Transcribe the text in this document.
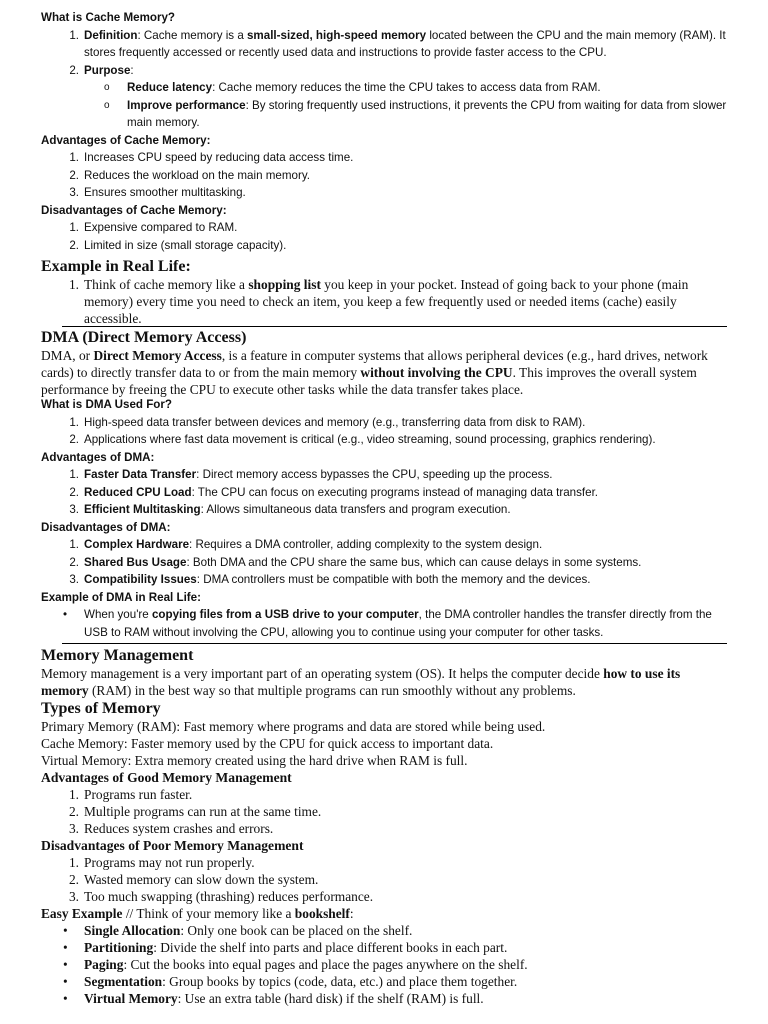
What is Cache Memory?
1. Definition: Cache memory is a small-sized, high-speed memory located between the CPU and the main memory (RAM). It stores frequently accessed or recently used data and instructions to provide faster access to the CPU.
2. Purpose:
o Reduce latency: Cache memory reduces the time the CPU takes to access data from RAM.
o Improve performance: By storing frequently used instructions, it prevents the CPU from waiting for data from slower main memory.
Advantages of Cache Memory:
1. Increases CPU speed by reducing data access time.
2. Reduces the workload on the main memory.
3. Ensures smoother multitasking.
Disadvantages of Cache Memory:
1. Expensive compared to RAM.
2. Limited in size (small storage capacity).
Example in Real Life:
1. Think of cache memory like a shopping list you keep in your pocket. Instead of going back to your phone (main memory) every time you need to check an item, you keep a few frequently used or needed items (cache) easily accessible.
DMA (Direct Memory Access)
DMA, or Direct Memory Access, is a feature in computer systems that allows peripheral devices (e.g., hard drives, network cards) to directly transfer data to or from the main memory without involving the CPU. This improves the overall system performance by freeing the CPU to execute other tasks while the data transfer takes place.
What is DMA Used For?
1. High-speed data transfer between devices and memory (e.g., transferring data from disk to RAM).
2. Applications where fast data movement is critical (e.g., video streaming, sound processing, graphics rendering).
Advantages of DMA:
1. Faster Data Transfer: Direct memory access bypasses the CPU, speeding up the process.
2. Reduced CPU Load: The CPU can focus on executing programs instead of managing data transfer.
3. Efficient Multitasking: Allows simultaneous data transfers and program execution.
Disadvantages of DMA:
1. Complex Hardware: Requires a DMA controller, adding complexity to the system design.
2. Shared Bus Usage: Both DMA and the CPU share the same bus, which can cause delays in some systems.
3. Compatibility Issues: DMA controllers must be compatible with both the memory and the devices.
Example of DMA in Real Life:
• When you're copying files from a USB drive to your computer, the DMA controller handles the transfer directly from the USB to RAM without involving the CPU, allowing you to continue using your computer for other tasks.
Memory Management
Memory management is a very important part of an operating system (OS). It helps the computer decide how to use its memory (RAM) in the best way so that multiple programs can run smoothly without any problems.
Types of Memory
Primary Memory (RAM): Fast memory where programs and data are stored while being used.
Cache Memory: Faster memory used by the CPU for quick access to important data.
Virtual Memory: Extra memory created using the hard drive when RAM is full.
Advantages of Good Memory Management
1. Programs run faster.
2. Multiple programs can run at the same time.
3. Reduces system crashes and errors.
Disadvantages of Poor Memory Management
1. Programs may not run properly.
2. Wasted memory can slow down the system.
3. Too much swapping (thrashing) reduces performance.
Easy Example // Think of your memory like a bookshelf:
• Single Allocation: Only one book can be placed on the shelf.
• Partitioning: Divide the shelf into parts and place different books in each part.
• Paging: Cut the books into equal pages and place the pages anywhere on the shelf.
• Segmentation: Group books by topics (code, data, etc.) and place them together.
• Virtual Memory: Use an extra table (hard disk) if the shelf (RAM) is full.
